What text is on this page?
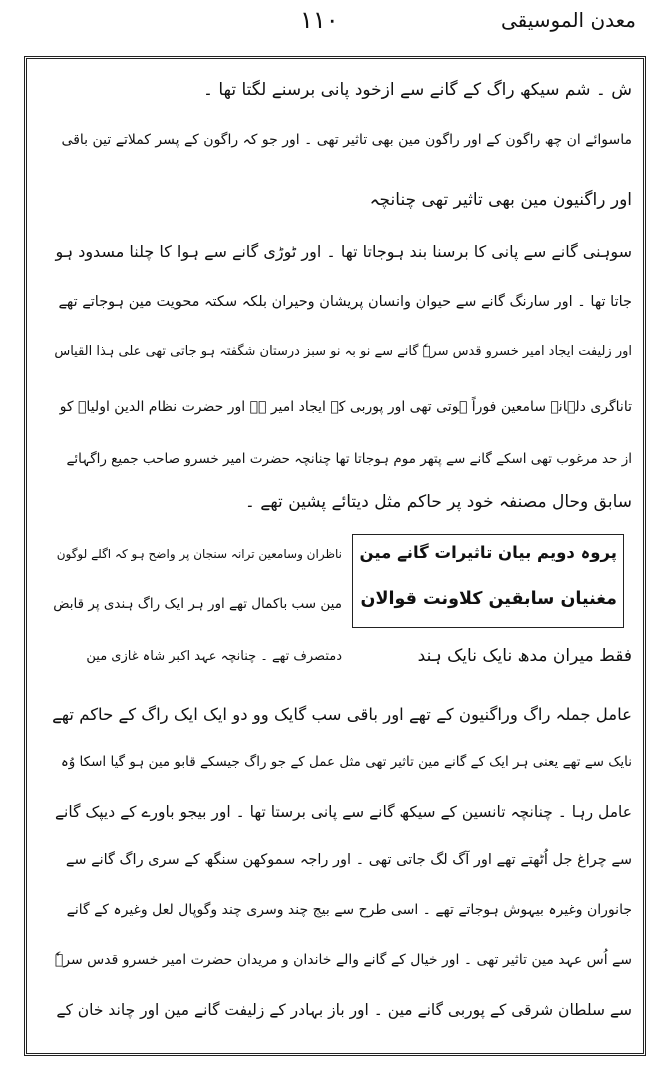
۱۱۰	معدن الموسیقی
ش ۔ شم سیکھ راگ کے گانے سے ازخود پانی برسنے لگتا تھا ۔
ماسوائے ان چھ راگون کے اور راگون مین بھی تاثیر تھی ۔ اور جو کہ راگون کے پسر کملاتے تین باقی
اور راگنیون مین بھی تاثیر تھی چنانچہ
سوہنی گانے سے پانی کا برسنا بند ہوجاتا تھا ۔ اور ٹوڑی گانے سے ہوا کا چلنا مسدود ہو
جاتا تھا ۔ اور سارنگ گانے سے حیوان وانسان پریشان وحیران بلکہ سکتہ محویت مین ہوجاتے تھے
اور زلیفت ایجاد امیر خسرو قدس سرہٗ گانے سے نو بہ نو سبز درستان شگفتہ ہو جاتی تھی علی ہذا القیاس
تاناگری دلہانے سامعین فوراً ہوتی تھی اور پوربی کہ ایجاد امیر ہے اور حضرت نظام الدین اولیاؒ کو
از حد مرغوب تھی اسکے گانے سے پتھر موم ہوجاتا تھا چنانچہ حضرت امیر خسرو صاحب جمیع راگہائے
سابق وحال مصنفہ خود پر حاکم مثل دیتائے پشین تھے ۔
پروہ دویم بیان تاثیرات گانے مین
مغنیان سابقین کلاونت قوالان
ناظران وسامعین ترانہ سنجان پر واضح ہو کہ اگلے لوگون
مین سب باکمال تھے اور ہر ایک راگ ہندی پر قابض
دمتصرف تھے ۔ چنانچہ عہد اکبر شاہ غازی مین	فقط میران مدھ نایک نایک ہند
عامل جملہ راگ وراگنیون کے تھے اور باقی سب گایک وو دو ایک ایک راگ کے حاکم تھے
نایک سے تھے یعنی ہر ایک کے گانے مین تاثیر تھی مثل عمل کے جو راگ جیسکے قابو مین ہو گیا اسکا وُہ
عامل رہا ۔ چنانچہ تانسین کے سیکھ گانے سے پانی برستا تھا ۔ اور بیجو باورے کے دیپک گانے
سے چراغ جل اُٹھتے تھے اور آگ لگ جاتی تھی ۔ اور راجہ سموکھن سنگھ کے سری راگ گانے سے
جانوران وغیرہ بیہوش ہوجاتے تھے ۔ اسی طرح سے بیج چند وسری چند وگوپال لعل وغیرہ کے گانے
سے اُس عہد مین تاثیر تھی ۔ اور خیال کے گانے والے خاندان و مریدان حضرت امیر خسرو قدس سرہٗ
سے سلطان شرقی کے پوربی گانے مین ۔ اور باز بہادر کے زلیفت گانے مین اور چاند خان کے
